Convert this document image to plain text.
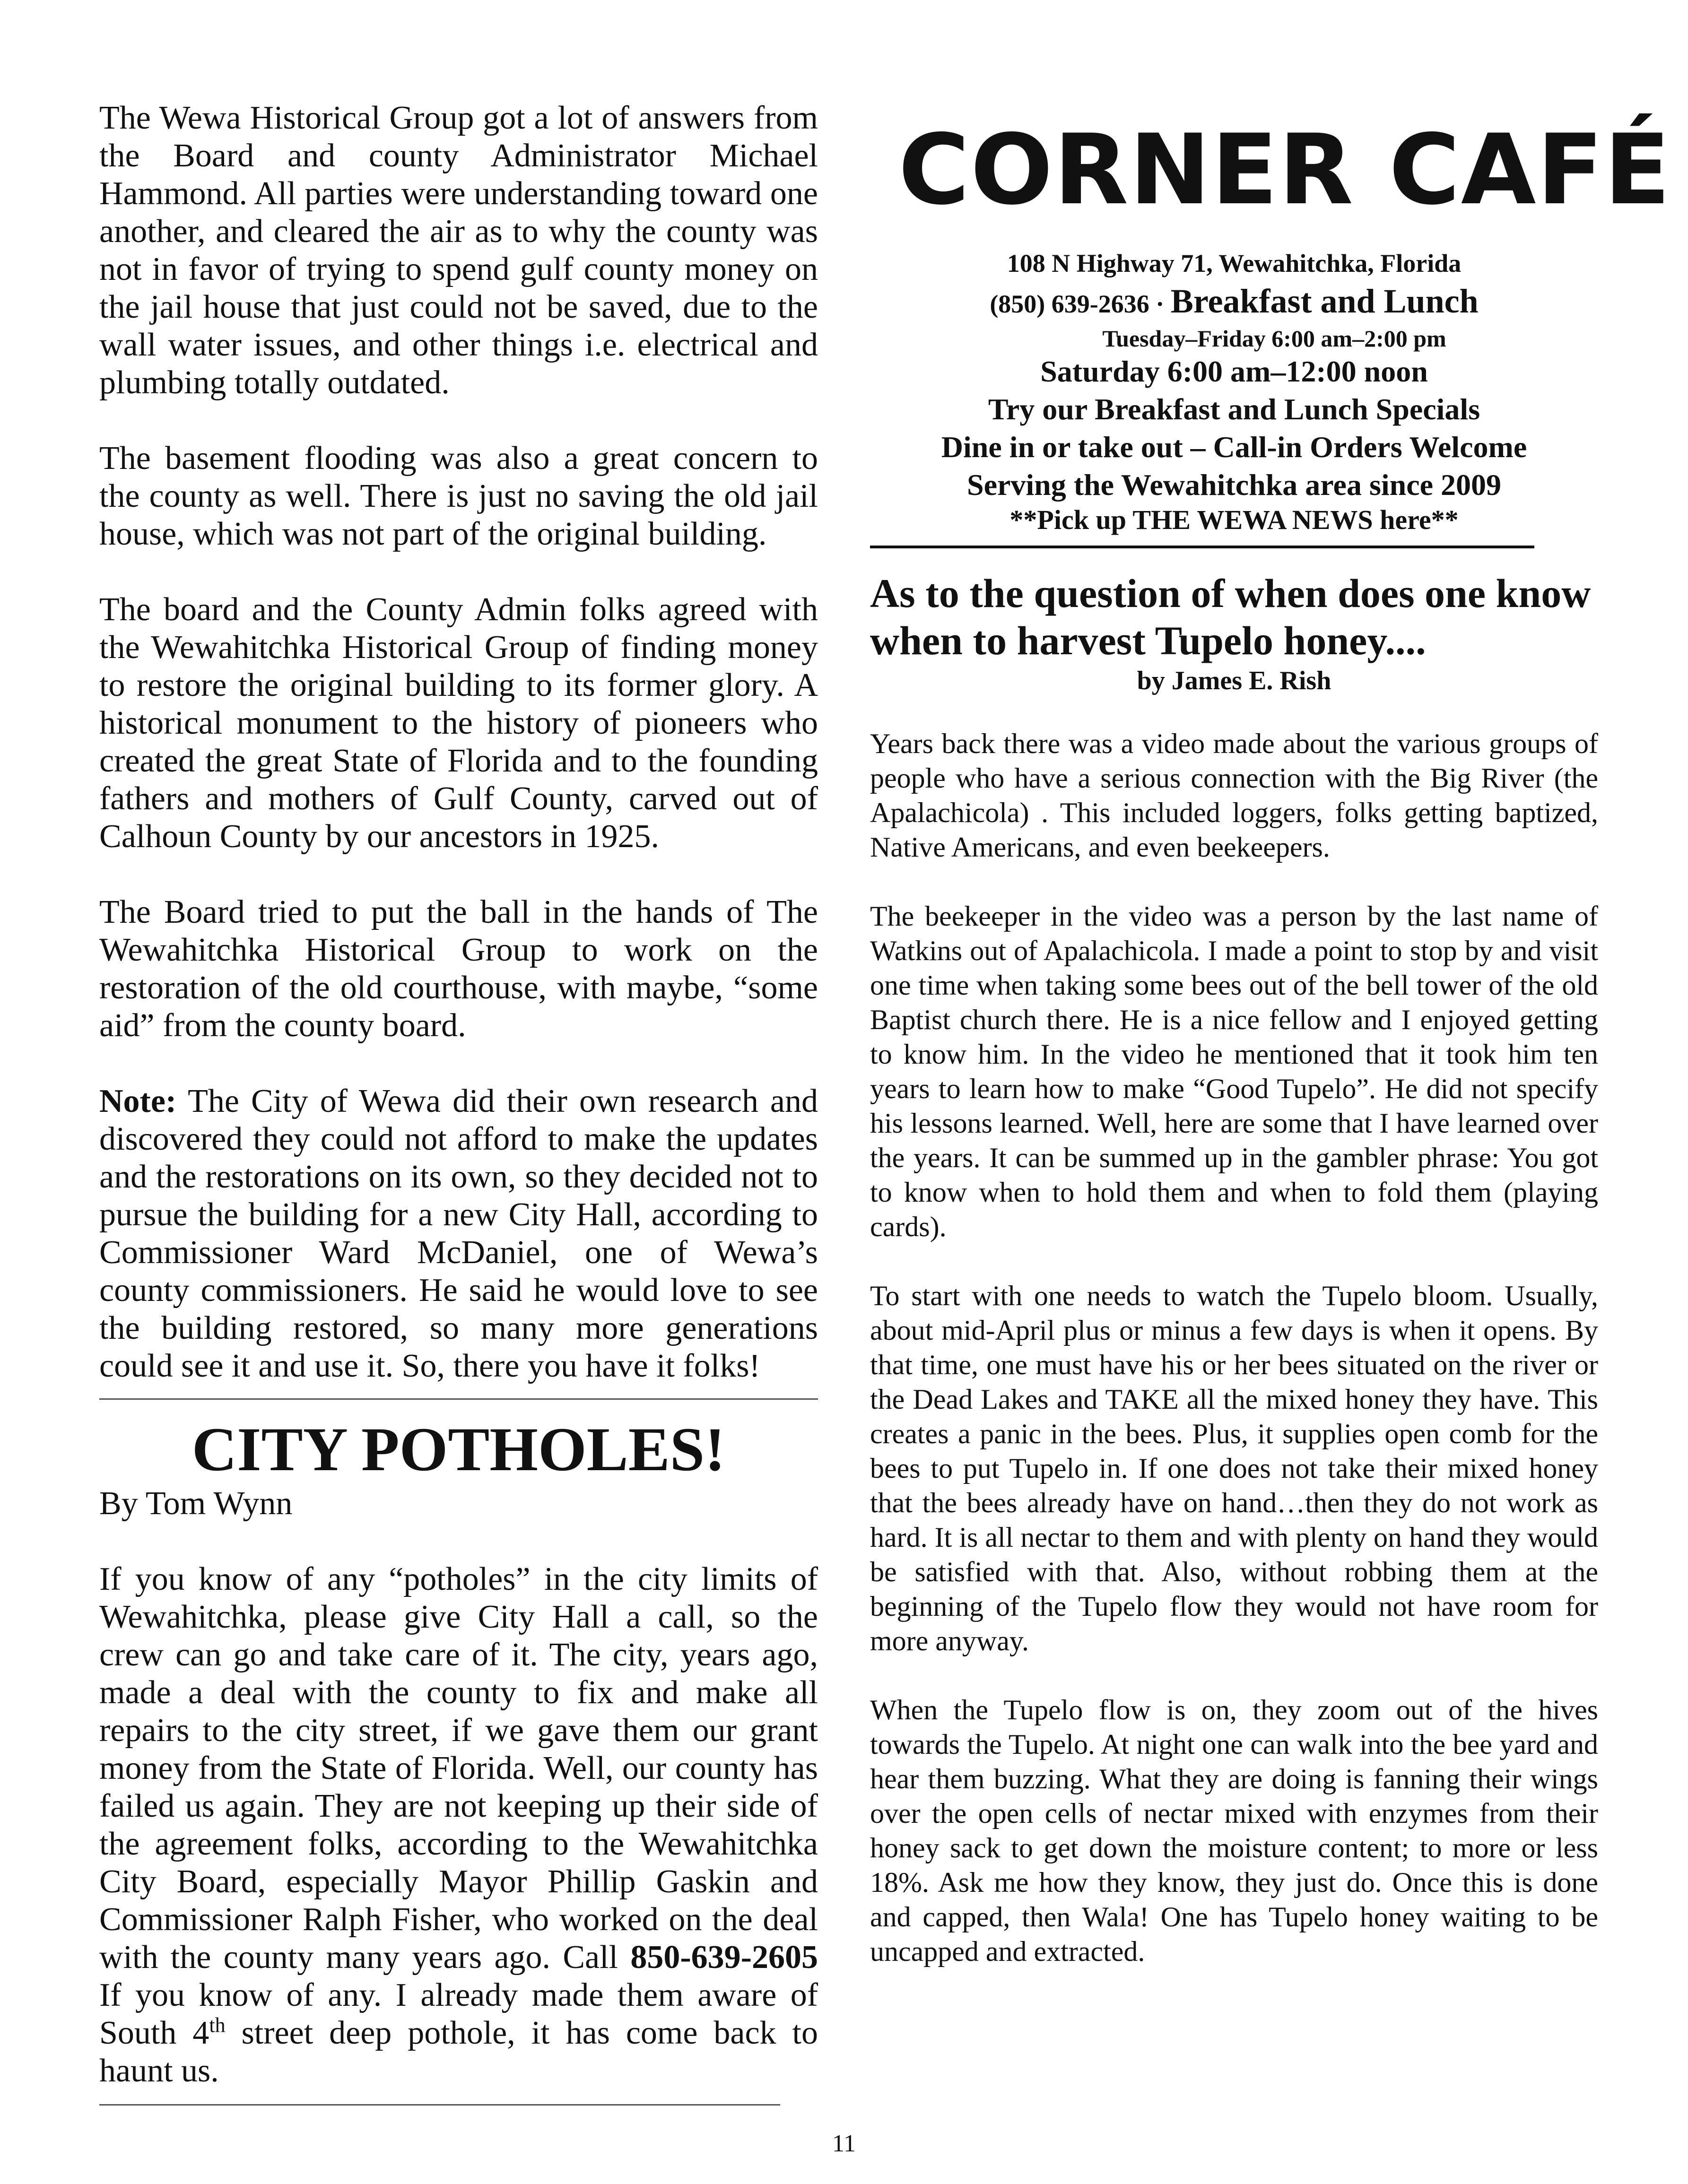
The Wewa Historical Group got a lot of answers from the Board and county Administrator Michael Hammond. All parties were understanding toward one another, and cleared the air as to why the county was not in favor of trying to spend gulf county money on the jail house that just could not be saved, due to the wall water issues, and other things i.e. electrical and plumbing totally outdated.

The basement flooding was also a great concern to the county as well. There is just no saving the old jail house, which was not part of the original building.

The board and the County Admin folks agreed with the Wewahitchka Historical Group of finding money to restore the original building to its former glory. A historical monument to the history of pioneers who created the great State of Florida and to the founding fathers and mothers of Gulf County, carved out of Calhoun County by our ancestors in 1925.

The Board tried to put the ball in the hands of The Wewahitchka Historical Group to work on the restoration of the old courthouse, with maybe, “some aid” from the county board.

Note: The City of Wewa did their own research and discovered they could not afford to make the updates and the restorations on its own, so they decided not to pursue the building for a new City Hall, according to Commissioner Ward McDaniel, one of Wewa’s county commissioners. He said he would love to see the building restored, so many more generations could see it and use it. So, there you have it folks!

CITY POTHOLES!

By Tom Wynn

If you know of any “potholes” in the city limits of Wewahitchka, please give City Hall a call, so the crew can go and take care of it. The city, years ago, made a deal with the county to fix and make all repairs to the city street, if we gave them our grant money from the State of Florida. Well, our county has failed us again. They are not keeping up their side of the agreement folks, according to the Wewahitchka City Board, especially Mayor Phillip Gaskin and Commissioner Ralph Fisher, who worked on the deal with the county many years ago. Call 850-639-2605 If you know of any. I already made them aware of South 4th street deep pothole, it has come back to haunt us.

CORNER CAFÉ

108 N Highway 71, Wewahitchka, Florida

(850) 639-2636 · Breakfast and Lunch

Tuesday–Friday 6:00 am–2:00 pm

Saturday 6:00 am–12:00 noon

Try our Breakfast and Lunch Specials

Dine in or take out – Call-in Orders Welcome

Serving the Wewahitchka area since 2009

**Pick up THE WEWA NEWS here**

As to the question of when does one know when to harvest Tupelo honey....

by James E. Rish

Years back there was a video made about the various groups of people who have a serious connection with the Big River (the Apalachicola) . This included loggers, folks getting baptized, Native Americans, and even beekeepers.

The beekeeper in the video was a person by the last name of Watkins out of Apalachicola. I made a point to stop by and visit one time when taking some bees out of the bell tower of the old Baptist church there. He is a nice fellow and I enjoyed getting to know him. In the video he mentioned that it took him ten years to learn how to make “Good Tupelo”. He did not specify his lessons learned. Well, here are some that I have learned over the years. It can be summed up in the gambler phrase: You got to know when to hold them and when to fold them (playing cards).

To start with one needs to watch the Tupelo bloom. Usually, about mid-April plus or minus a few days is when it opens. By that time, one must have his or her bees situated on the river or the Dead Lakes and TAKE all the mixed honey they have. This creates a panic in the bees. Plus, it supplies open comb for the bees to put Tupelo in. If one does not take their mixed honey that the bees already have on hand…then they do not work as hard. It is all nectar to them and with plenty on hand they would be satisfied with that. Also, without robbing them at the beginning of the Tupelo flow they would not have room for more anyway.

When the Tupelo flow is on, they zoom out of the hives towards the Tupelo. At night one can walk into the bee yard and hear them buzzing. What they are doing is fanning their wings over the open cells of nectar mixed with enzymes from their honey sack to get down the moisture content; to more or less 18%. Ask me how they know, they just do. Once this is done and capped, then Wala! One has Tupelo honey waiting to be uncapped and extracted.

11
